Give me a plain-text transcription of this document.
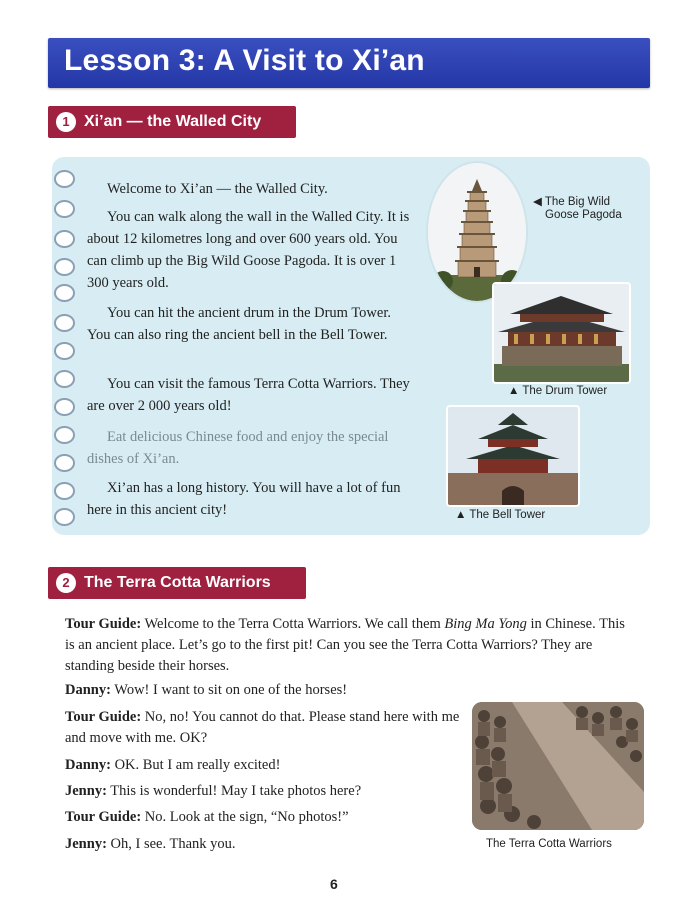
Lesson 3: A Visit to Xi’an
1 Xi’an — the Walled City

Welcome to Xi’an — the Walled City.

You can walk along the wall in the Walled City. It is about 12 kilometres long and over 600 years old. You can climb up the Big Wild Goose Pagoda. It is over 1 300 years old.

You can hit the ancient drum in the Drum Tower. You can also ring the ancient bell in the Bell Tower.

You can visit the famous Terra Cotta Warriors. They are over 2 000 years old!

Eat delicious Chinese food and enjoy the special dishes of Xi’an.

Xi’an has a long history. You will have a lot of fun here in this ancient city!

◀ The Big Wild
Goose Pagoda
▲ The Drum Tower
▲ The Bell Tower
2 The Terra Cotta Warriors
Tour Guide: Welcome to the Terra Cotta Warriors. We call them Bing Ma Yong in Chinese. This is an ancient place. Let’s go to the first pit! Can you see the Terra Cotta Warriors? They are standing beside their horses.
Danny: Wow! I want to sit on one of the horses!
Tour Guide: No, no! You cannot do that. Please stand here with me and move with me. OK?
Danny: OK. But I am really excited!
Jenny: This is wonderful! May I take photos here?
Tour Guide: No. Look at the sign, “No photos!”
Jenny: Oh, I see. Thank you.	The Terra Cotta Warriors
6
